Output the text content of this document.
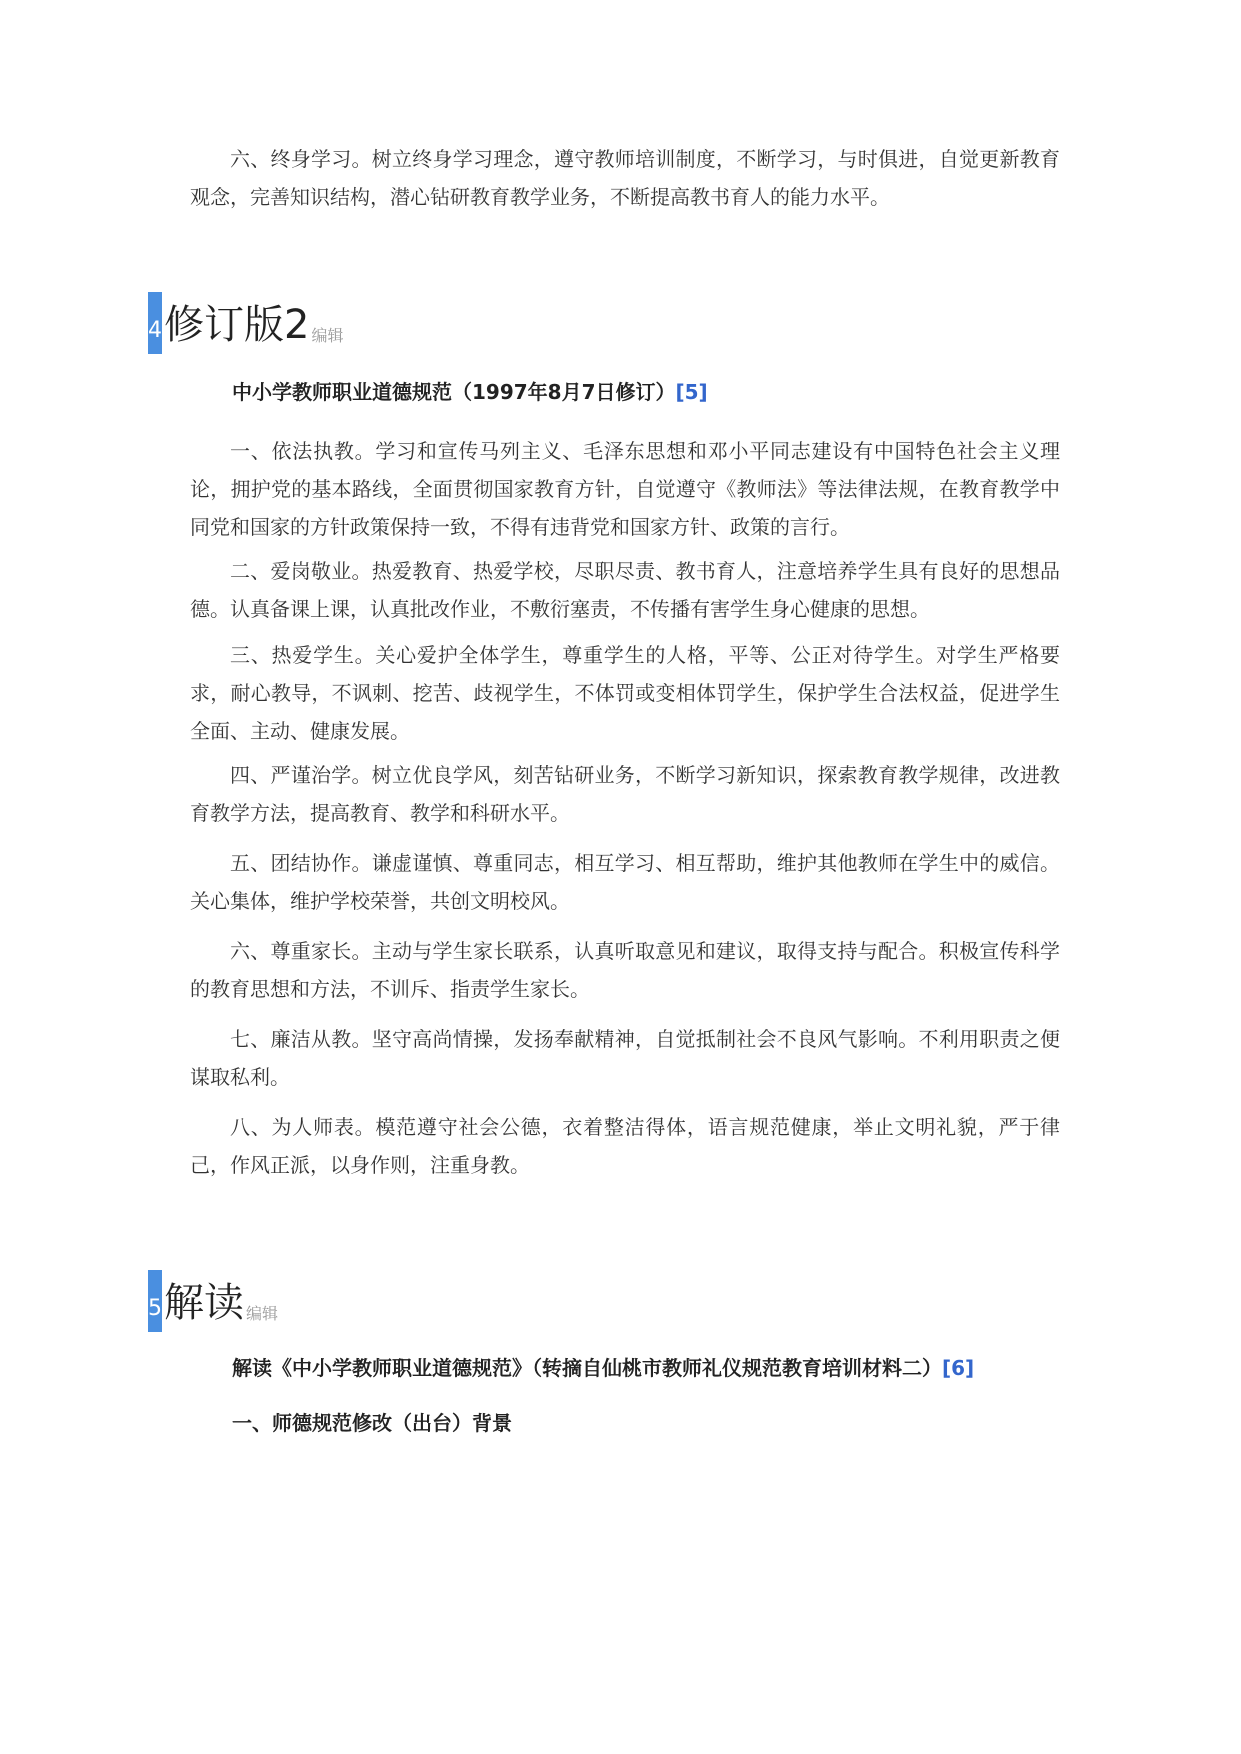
六、终身学习。树立终身学习理念，遵守教师培训制度，不断学习，与时俱进，自觉更新教育观念，完善知识结构，潜心钻研教育教学业务，不断提高教书育人的能力水平。

4 修订版2 编辑
中小学教师职业道德规范（1997年8月7日修订）[5]

一、依法执教。学习和宣传马列主义、毛泽东思想和邓小平同志建设有中国特色社会主义理论，拥护党的基本路线，全面贯彻国家教育方针，自觉遵守《教师法》等法律法规，在教育教学中同党和国家的方针政策保持一致，不得有违背党和国家方针、政策的言行。

二、爱岗敬业。热爱教育、热爱学校，尽职尽责、教书育人，注意培养学生具有良好的思想品德。认真备课上课，认真批改作业，不敷衍塞责，不传播有害学生身心健康的思想。

三、热爱学生。关心爱护全体学生，尊重学生的人格，平等、公正对待学生。对学生严格要求，耐心教导，不讽刺、挖苦、歧视学生，不体罚或变相体罚学生，保护学生合法权益，促进学生全面、主动、健康发展。

四、严谨治学。树立优良学风，刻苦钻研业务，不断学习新知识，探索教育教学规律，改进教育教学方法，提高教育、教学和科研水平。

五、团结协作。谦虚谨慎、尊重同志，相互学习、相互帮助，维护其他教师在学生中的威信。关心集体，维护学校荣誉，共创文明校风。

六、尊重家长。主动与学生家长联系，认真听取意见和建议，取得支持与配合。积极宣传科学的教育思想和方法，不训斥、指责学生家长。

七、廉洁从教。坚守高尚情操，发扬奉献精神，自觉抵制社会不良风气影响。不利用职责之便谋取私利。

八、为人师表。模范遵守社会公德，衣着整洁得体，语言规范健康，举止文明礼貌，严于律己，作风正派，以身作则，注重身教。

5 解读 编辑
解读《中小学教师职业道德规范》（转摘自仙桃市教师礼仪规范教育培训材料二）[6]
一、师德规范修改（出台）背景
